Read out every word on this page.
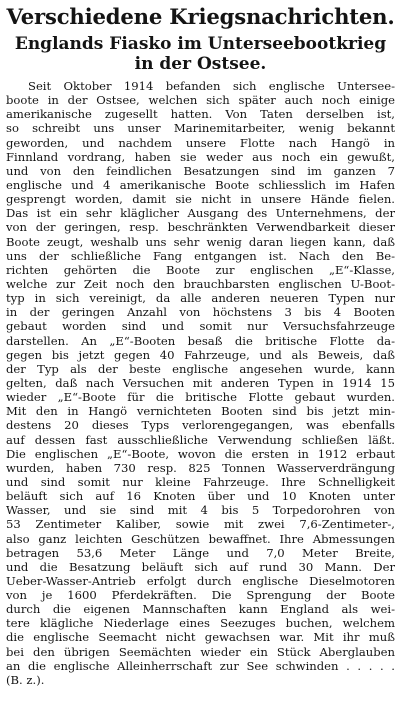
Verschiedene Kriegsnachrichten.
Englands Fiasko im Unterseebootkrieg
in der Ostsee.
Seit Oktober 1914 befanden sich englische Untersee-
boote in der Ostsee, welchen sich später auch noch einige
amerikanische zugesellt hatten. Von Taten derselben ist,
so schreibt uns unser Marinemitarbeiter, wenig bekannt
geworden, und nachdem unsere Flotte nach Hangö in
Finnland vordrang, haben sie weder aus noch ein gewußt,
und von den feindlichen Besatzungen sind im ganzen 7
englische und 4 amerikanische Boote schliesslich im Hafen
gesprengt worden, damit sie nicht in unsere Hände fielen.
Das ist ein sehr kläglicher Ausgang des Unternehmens, der
von der geringen, resp. beschränkten Verwendbarkeit dieser
Boote zeugt, weshalb uns sehr wenig daran liegen kann, daß
uns der schließliche Fang entgangen ist. Nach den Be-
richten gehörten die Boote zur englischen „E“-Klasse,
welche zur Zeit noch den brauchbarsten englischen U-Boot-
typ in sich vereinigt, da alle anderen neueren Typen nur
in der geringen Anzahl von höchstens 3 bis 4 Booten
gebaut worden sind und somit nur Versuchsfahrzeuge
darstellen. An „E“-Booten besaß die britische Flotte da-
gegen bis jetzt gegen 40 Fahrzeuge, und als Beweis, daß
der Typ als der beste englische angesehen wurde, kann
gelten, daß nach Versuchen mit anderen Typen in 1914 15
wieder „E“-Boote für die britische Flotte gebaut wurden.
Mit den in Hangö vernichteten Booten sind bis jetzt min-
destens 20 dieses Typs verlorengegangen, was ebenfalls
auf dessen fast ausschließliche Verwendung schließen läßt.
Die englischen „E“-Boote, wovon die ersten in 1912 erbaut
wurden, haben 730 resp. 825 Tonnen Wasserverdrängung
und sind somit nur kleine Fahrzeuge. Ihre Schnelligkeit
beläuft sich auf 16 Knoten über und 10 Knoten unter
Wasser, und sie sind mit 4 bis 5 Torpedorohren von
53 Zentimeter Kaliber, sowie mit zwei 7,6-Zentimeter-,
also ganz leichten Geschützen bewaffnet. Ihre Abmessungen
betragen 53,6 Meter Länge und 7,0 Meter Breite,
und die Besatzung beläuft sich auf rund 30 Mann. Der
Ueber-Wasser-Antrieb erfolgt durch englische Dieselmotoren
von je 1600 Pferdekräften. Die Sprengung der Boote
durch die eigenen Mannschaften kann England als wei-
tere klägliche Niederlage eines Seezuges buchen, welchem
die englische Seemacht nicht gewachsen war. Mit ihr muß
bei den übrigen Seemächten wieder ein Stück Aberglauben
an die englische Alleinherrschaft zur See schwinden . . . . .
(B. z.).
